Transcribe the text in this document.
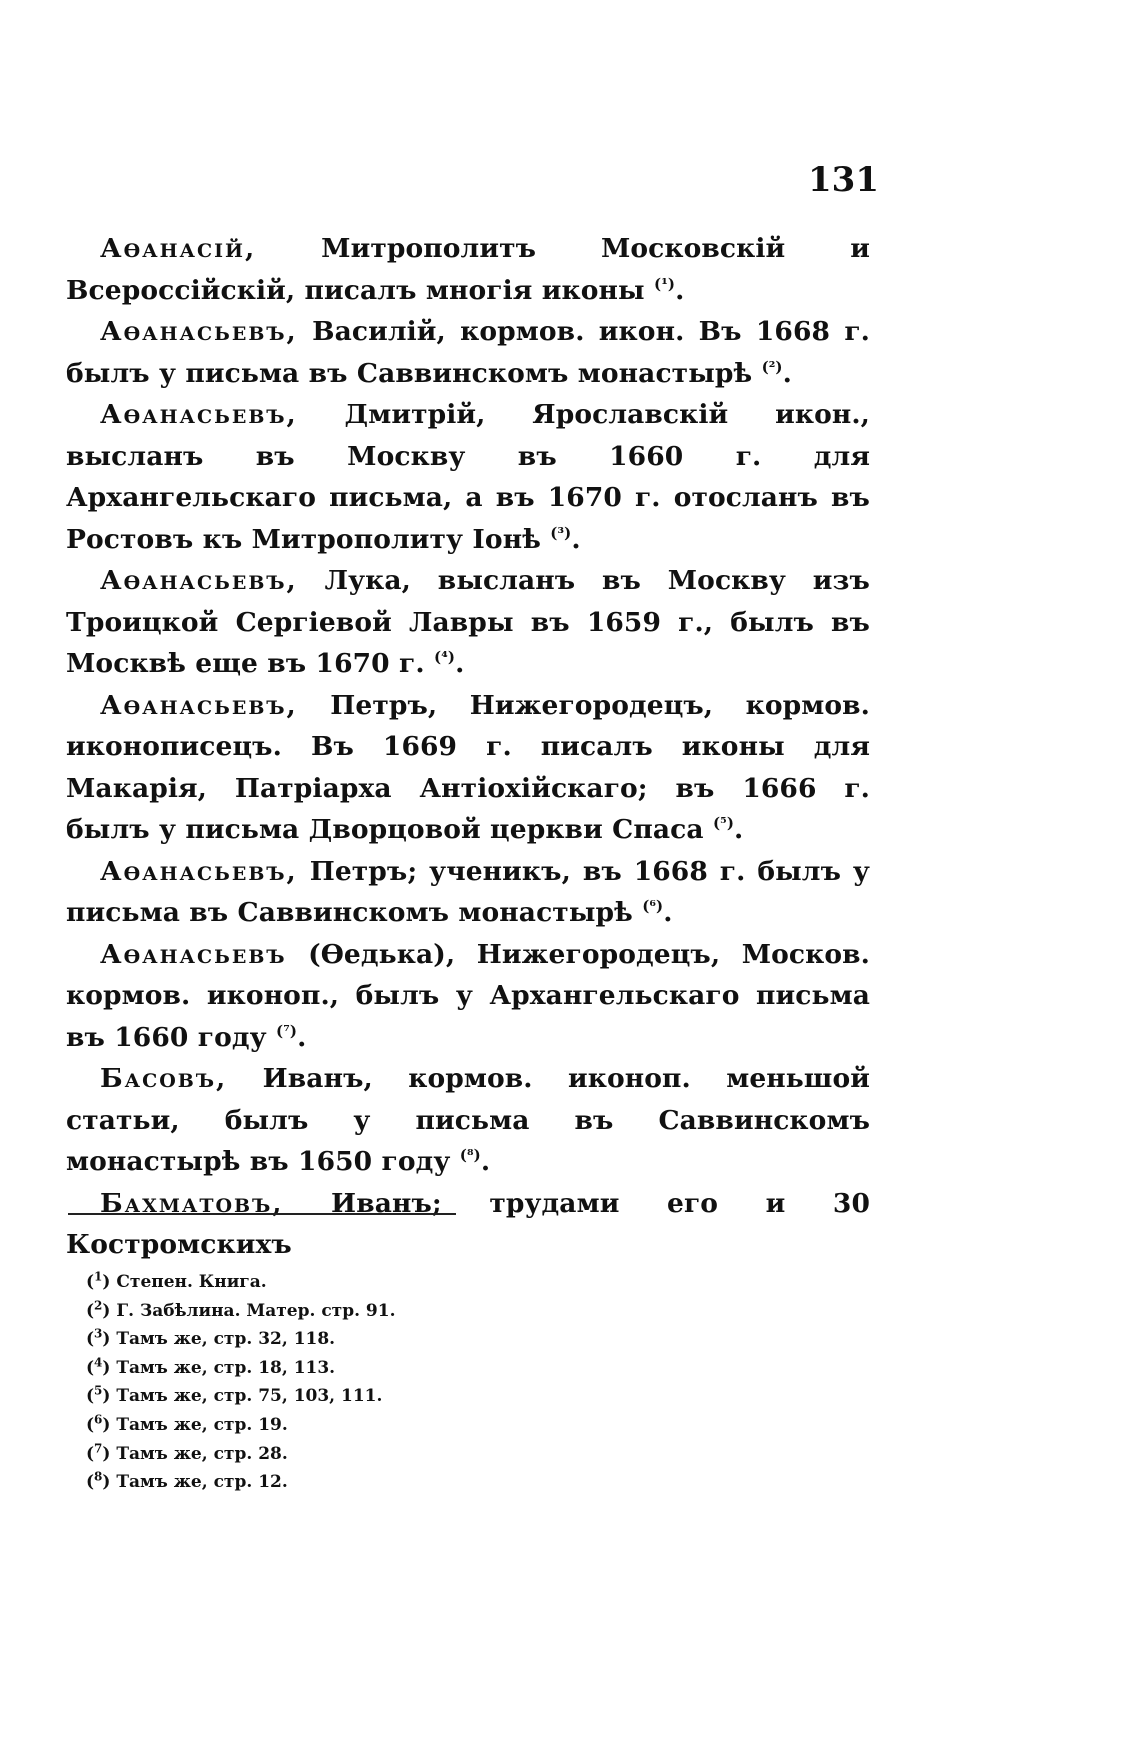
131

Аѳанасій, Митрополитъ Московскій и Всероссійскій, писалъ многія иконы $^{(^1)}$.

Аѳанасьевъ, Василій, кормов. икон. Въ 1668 г. былъ у письма въ Саввинскомъ монастырѣ $^{(^2)}$.

Аѳанасьевъ, Дмитрій, Ярославскій икон., высланъ въ Москву въ 1660 г. для Архангельскаго письма, а въ 1670 г. отосланъ въ Ростовъ къ Митрополиту Іонѣ $^{(^3)}$.

Аѳанасьевъ, Лука, высланъ въ Москву изъ Троицкой Сергіевой Лавры въ 1659 г., былъ въ Москвѣ еще въ 1670 г. $^{(^4)}$.

Аѳанасьевъ, Петръ, Нижегородецъ, кормов. иконописецъ. Въ 1669 г. писалъ иконы для Макарія, Патріарха Антіохійскаго; въ 1666 г. былъ у письма Дворцовой церкви Спаса $^{(^5)}$.

Аѳанасьевъ, Петръ; ученикъ, въ 1668 г. былъ у письма въ Саввинскомъ монастырѣ $^{(^6)}$.

Аѳанасьевъ (Ѳедька), Нижегородецъ, Москов. кормов. иконоп., былъ у Архангельскаго письма въ 1660 году $^{(^7)}$.

Басовъ, Иванъ, кормов. иконоп. меньшой статьи, былъ у письма въ Саввинскомъ монастырѣ въ 1650 году $^{(^8)}$.

Бахматовъ, Иванъ; трудами его и 30 Костромскихъ

($^1$) Степен. Книга.
($^2$) Г. Забѣлина. Матер. стр. 91.
($^3$) Тамъ же, стр. 32, 118.
($^4$) Тамъ же, стр. 18, 113.
($^5$) Тамъ же, стр. 75, 103, 111.
($^6$) Тамъ же, стр. 19.
($^7$) Тамъ же, стр. 28.
($^8$) Тамъ же, стр. 12.
